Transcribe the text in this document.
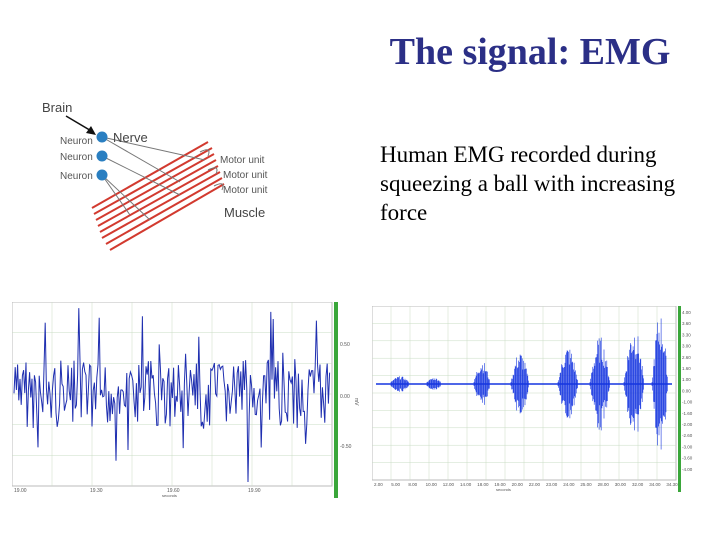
The signal: EMG
Human EMG recorded during squeezing a ball with increasing force
Brain
Nerve
Neuron
Neuron
Neuron
Motor unit
Motor unit
Motor unit
Muscle
0.50
0.00
-0.50
mV
19.00	19.30	19.60	19.90
seconds
4.00
3.60
3.30
3.00
2.60
1.60
1.00
0.00
-1.00
-1.60
-2.00
-2.60
-3.00
-3.60
-4.00
2.00 5.00 8.00 10.00 12.00 14.00 18.00 19.00 20.00 22.00 23.00 24.00 25.00 28.00 30.00 32.00 34.00 34.30
seconds
